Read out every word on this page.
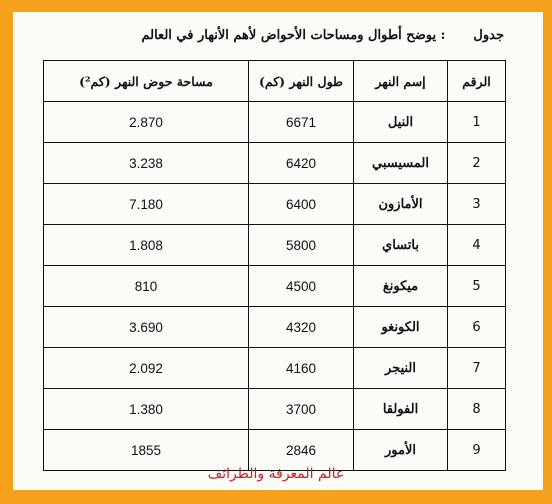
جدول
: يوضح أطوال ومساحات الأحواض لأهم الأنهار في العالم
الرقم	إسم النهر	طول النهر (كم)	مساحة حوض النهر (كم²)
1	النيل	6671	2.870
2	المسيسبي	6420	3.238
3	الأمازون	6400	7.180
4	باتساي	5800	1.808
5	ميكونغ	4500	810
6	الكونغو	4320	3.690
7	النيجر	4160	2.092
8	الفولقا	3700	1.380
9	الأمور	2846	1855
عالم المعرفة والطرائف
